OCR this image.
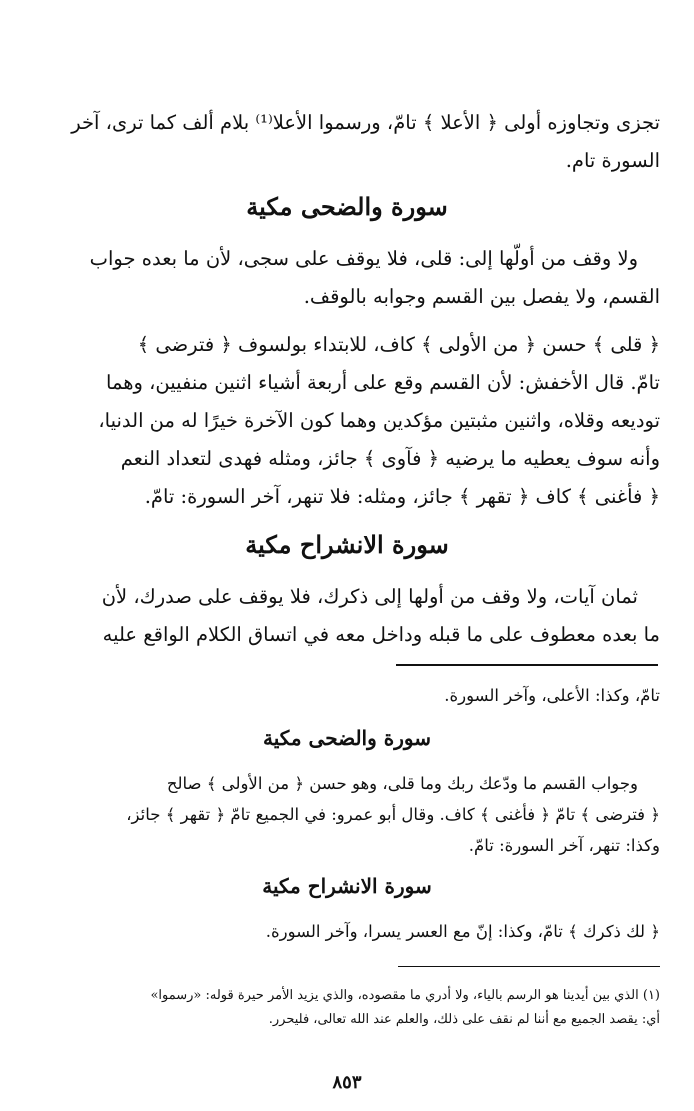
تجزى وتجاوزه أولى ﴿ الأعلا ﴾ تامّ، ورسموا الأعلا⁽¹⁾ بلام ألف كما ترى، آخر
السورة تام.

سورة والضحى مكية

ولا وقف من أولّها إلى: قلى، فلا يوقف على سجى، لأن ما بعده جواب
القسم، ولا يفصل بين القسم وجوابه بالوقف.

﴿ قلى ﴾ حسن ﴿ من الأولى ﴾ كاف، للابتداء بولسوف ﴿ فترضى ﴾
تامّ. قال الأخفش: لأن القسم وقع على أربعة أشياء اثنين منفيين، وهما
توديعه وقلاه، واثنين مثبتين مؤكدين وهما كون الآخرة خيرًا له من الدنيا،
وأنه سوف يعطيه ما يرضيه ﴿ فآوى ﴾ جائز، ومثله فهدى لتعداد النعم
﴿ فأغنى ﴾ كاف ﴿ تقهر ﴾ جائز، ومثله: فلا تنهر، آخر السورة: تامّ.

سورة الانشراح مكية

ثمان آيات، ولا وقف من أولها إلى ذكرك، فلا يوقف على صدرك، لأن
ما بعده معطوف على ما قبله وداخل معه في اتساق الكلام الواقع عليه

تامّ، وكذا: الأعلى، وآخر السورة.

سورة والضحى مكية

وجواب القسم ما ودّعك ربك وما قلى، وهو حسن ﴿ من الأولى ﴾ صالح
﴿ فترضى ﴾ تامّ ﴿ فأغنى ﴾ كاف. وقال أبو عمرو: في الجميع تامّ ﴿ تقهر ﴾ جائز،
وكذا: تنهر، آخر السورة: تامّ.

سورة الانشراح مكية

﴿ لك ذكرك ﴾ تامّ، وكذا: إنّ مع العسر يسرا، وآخر السورة.

(١) الذي بين أيدينا هو الرسم بالياء، ولا أدري ما مقصوده، والذي يزيد الأمر حيرة قوله: «رسموا»
أي: يقصد الجميع مع أننا لم نقف على ذلك، والعلم عند الله تعالى، فليحرر.

٨٥٣
